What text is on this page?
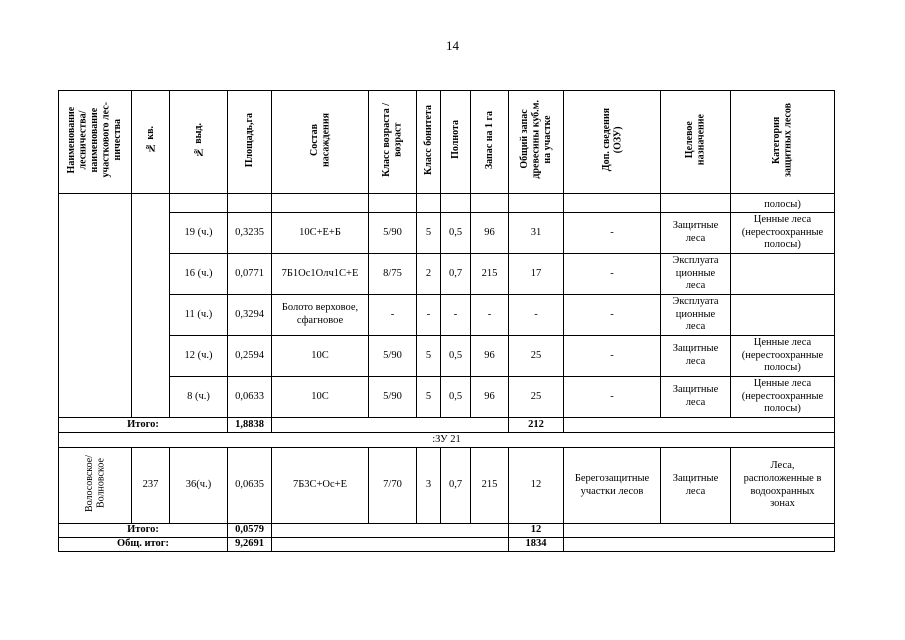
14
Наименование
лесничества/
наименование
участкового лес-
ничества	№ кв.	№ выд.	Площадь,га	Состав
насаждения	Класс возраста /
возраст	Класс бонитета	Полнота	Запас на 1 га	Общий запас
древесины куб.м.
на участке	Доп. сведения
(ОЗУ)	Целевое
назначение	Категория
защитных лесов
												полосы)
		19 (ч.)	0,3235	10С+Е+Б	5/90	5	0,5	96	31	-	Защитные
леса	Ценные леса
(нерестоохранные
полосы)
		16 (ч.)	0,0771	7Б1Ос1Олч1С+Е	8/75	2	0,7	215	17	-	Эксплуата
ционные
леса	
		11 (ч.)	0,3294	Болото верховое,
сфагновое	-	-	-	-	-	-	Эксплуата
ционные
леса	
		12 (ч.)	0,2594	10С	5/90	5	0,5	96	25	-	Защитные
леса	Ценные леса
(нерестоохранные
полосы)
		8 (ч.)	0,0633	10С	5/90	5	0,5	96	25	-	Защитные
леса	Ценные леса
(нерестоохранные
полосы)
Итого:			1,8838						212			
:ЗУ 21												
Волосовское/
Волновское	237	36(ч.)	0,0635	7Б3С+Ос+Е	7/70	3	0,7	215	12	Берегозащитные
участки лесов	Защитные
леса	Леса,
расположенные в
водоохранных
зонах
Итого:			0,0579						12			
Общ. итог:			9,2691						1834			
